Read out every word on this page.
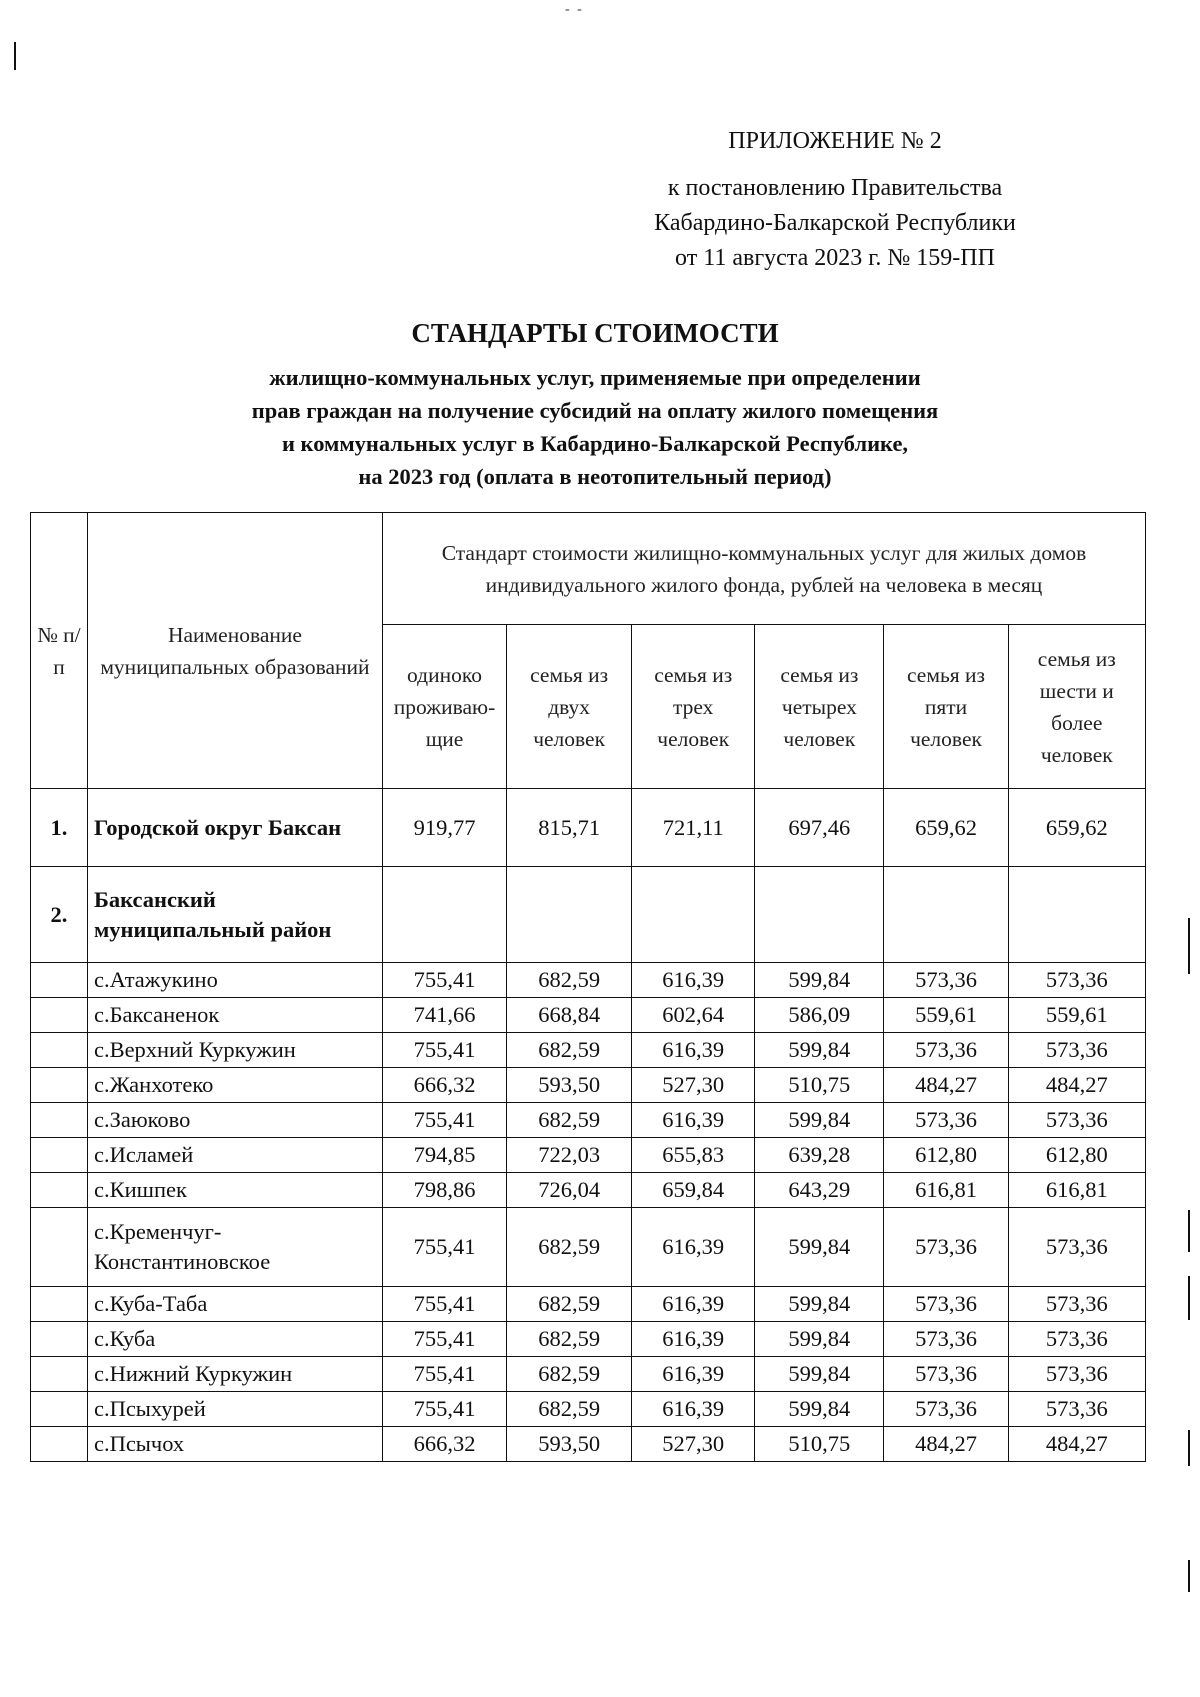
- -
ПРИЛОЖЕНИЕ № 2
к постановлению Правительства
Кабардино-Балкарской Республики
от 11 августа 2023 г. № 159-ПП
СТАНДАРТЫ СТОИМОСТИ
жилищно-коммунальных услуг, применяемые при определении
прав граждан на получение субсидий на оплату жилого помещения
и коммунальных услуг в Кабардино-Балкарской Республике,
на 2023 год (оплата в неотопительный период)
№ п/п	Наименование муниципальных образований	Стандарт стоимости жилищно-коммунальных услуг для жилых домов индивидуального жилого фонда, рублей на человека в месяц					
		одиноко проживаю-щие	семья из двух человек	семья из трех человек	семья из четырех человек	семья из пяти человек	семья из шести и более человек
1.	Городской округ Баксан	919,77	815,71	721,11	697,46	659,62	659,62
2.	Баксанский муниципальный район						
	с.Атажукино	755,41	682,59	616,39	599,84	573,36	573,36
	с.Баксаненок	741,66	668,84	602,64	586,09	559,61	559,61
	с.Верхний Куркужин	755,41	682,59	616,39	599,84	573,36	573,36
	с.Жанхотеко	666,32	593,50	527,30	510,75	484,27	484,27
	с.Заюково	755,41	682,59	616,39	599,84	573,36	573,36
	с.Исламей	794,85	722,03	655,83	639,28	612,80	612,80
	с.Кишпек	798,86	726,04	659,84	643,29	616,81	616,81
	с.Кременчуг-Константиновское	755,41	682,59	616,39	599,84	573,36	573,36
	с.Куба-Таба	755,41	682,59	616,39	599,84	573,36	573,36
	с.Куба	755,41	682,59	616,39	599,84	573,36	573,36
	с.Нижний Куркужин	755,41	682,59	616,39	599,84	573,36	573,36
	с.Псыхурей	755,41	682,59	616,39	599,84	573,36	573,36
	с.Псычох	666,32	593,50	527,30	510,75	484,27	484,27
